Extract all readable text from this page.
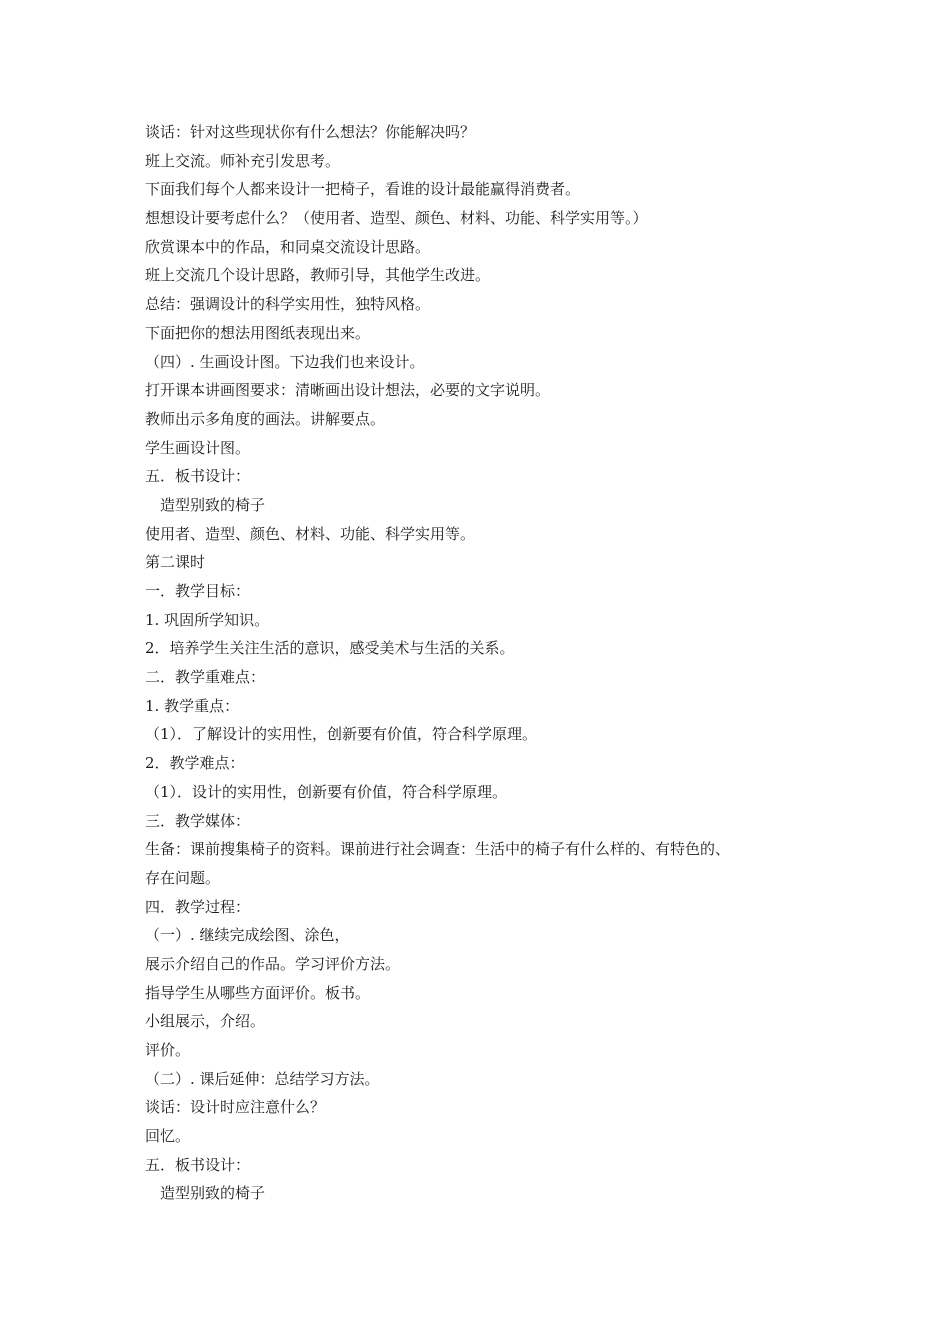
谈话：针对这些现状你有什么想法？你能解决吗？
班上交流。师补充引发思考。
下面我们每个人都来设计一把椅子，看谁的设计最能赢得消费者。
想想设计要考虑什么？（使用者、造型、颜色、材料、功能、科学实用等。）
欣赏课本中的作品，和同桌交流设计思路。
班上交流几个设计思路，教师引导，其他学生改进。
总结：强调设计的科学实用性，独特风格。
下面把你的想法用图纸表现出来。
（四）. 生画设计图。下边我们也来设计。
打开课本讲画图要求：清晰画出设计想法，必要的文字说明。
教师出示多角度的画法。讲解要点。
学生画设计图。
五．板书设计：
造型别致的椅子
使用者、造型、颜色、材料、功能、科学实用等。
第二课时
一．教学目标：
1. 巩固所学知识。
2．培养学生关注生活的意识，感受美术与生活的关系。
二．教学重难点：
1. 教学重点：
（1）．了解设计的实用性，创新要有价值，符合科学原理。
2．教学难点：
（1）．设计的实用性，创新要有价值，符合科学原理。
三．教学媒体：
生备：课前搜集椅子的资料。课前进行社会调查：生活中的椅子有什么样的、有特色的、
存在问题。
四．教学过程：
（一）. 继续完成绘图、涂色，
展示介绍自己的作品。学习评价方法。
指导学生从哪些方面评价。板书。
小组展示，介绍。
评价。
（二）. 课后延伸：总结学习方法。
谈话：设计时应注意什么？
回忆。
五．板书设计：
造型别致的椅子
